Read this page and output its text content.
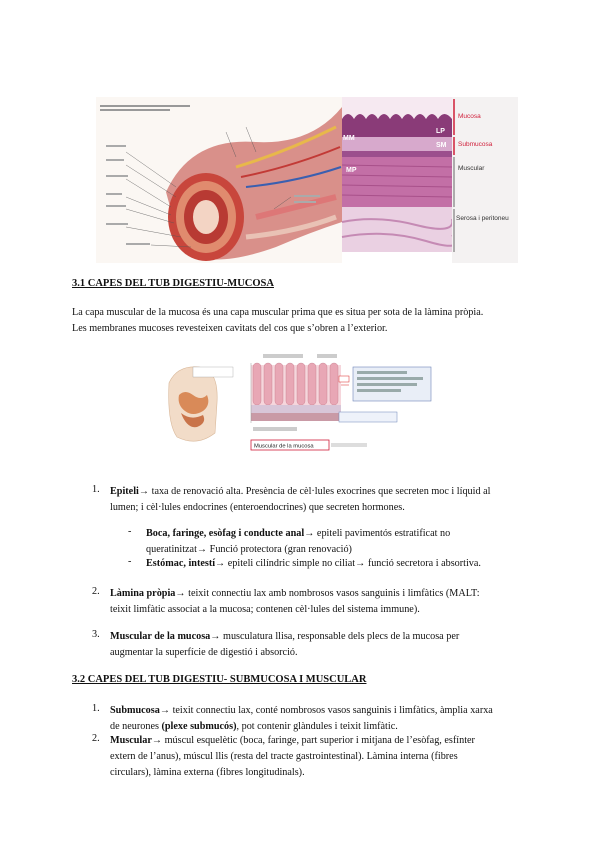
MM
MP
LP
SM
Mucosa
Submucosa
Muscular
Serosa i peritoneu
3.1 CAPES DEL TUB DIGESTIU-MUCOSA
La capa muscular de la mucosa és una capa muscular prima que es situa per sota de la làmina pròpia.
Les membranes mucoses revesteixen cavitats del cos que s’obren a l’exterior.
Muscular de la mucosa
1. Epiteli→ taxa de renovació alta. Presència de cèl·lules exocrines que secreten moc i líquid al
lumen; i cèl·lules endocrines (enteroendocrines) que secreten hormones.
- Boca, faringe, esòfag i conducte anal→ epiteli pavimentós estratificat no
queratinitzat→ Funció protectora (gran renovació)
- Estómac, intestí→ epiteli cilíndric simple no ciliat→ funció secretora i absortiva.
2. Làmina pròpia→ teixit connectiu lax amb nombrosos vasos sanguinis i limfàtics (MALT:
teixit limfàtic associat a la mucosa; contenen cèl·lules del sistema immune).
3. Muscular de la mucosa→ musculatura llisa, responsable dels plecs de la mucosa per
augmentar la superfície de digestió i absorció.
3.2 CAPES DEL TUB DIGESTIU- SUBMUCOSA I MUSCULAR
1. Submucosa→ teixit connectiu lax, conté nombrosos vasos sanguinis i limfàtics, àmplia xarxa
de neurones (plexe submucós), pot contenir glàndules i teixit limfàtic.
2. Muscular→ múscul esquelètic (boca, faringe, part superior i mitjana de l’esòfag, esfínter
extern de l’anus), múscul llis (resta del tracte gastrointestinal). Làmina interna (fibres
circulars), làmina externa (fibres longitudinals).
